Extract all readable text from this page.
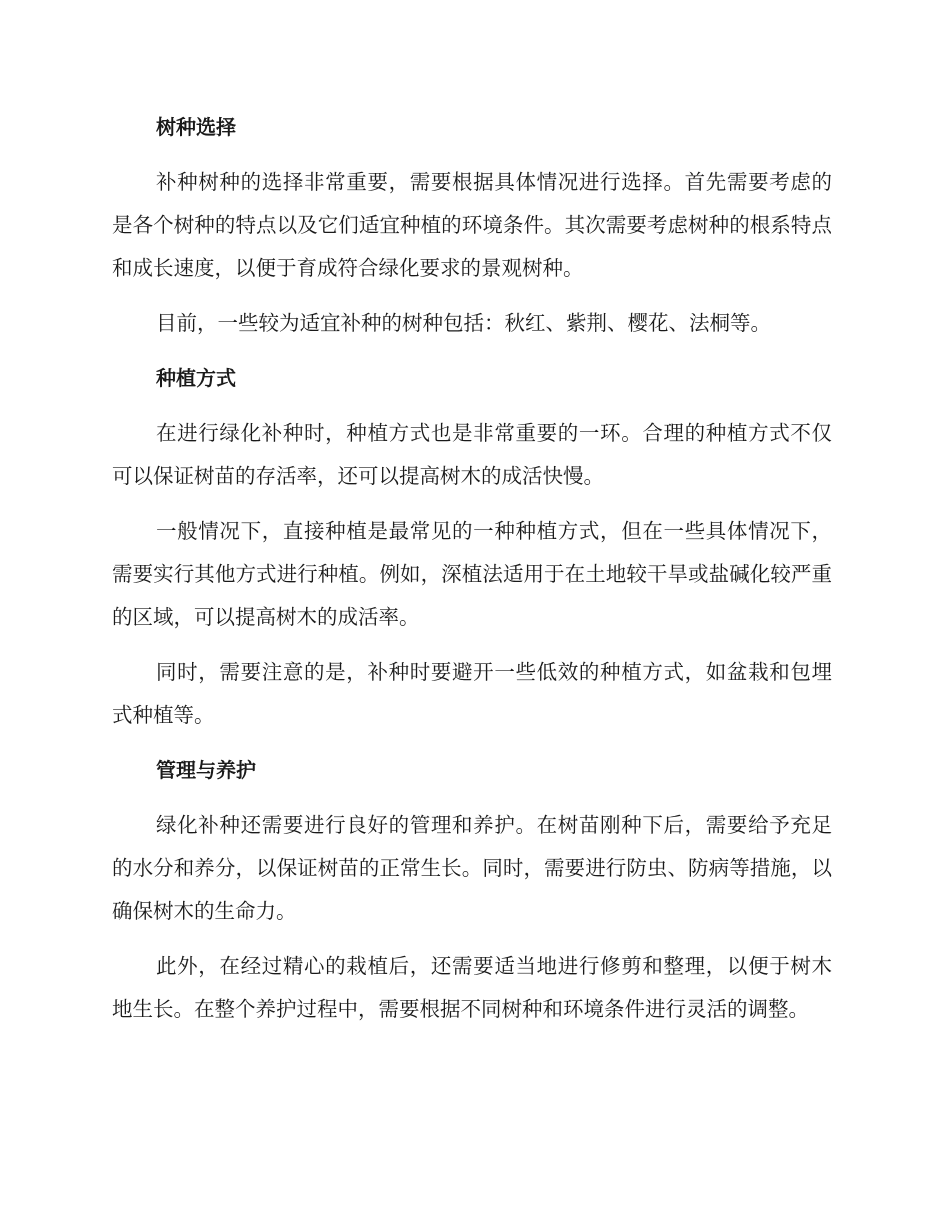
树种选择

补种树种的选择非常重要，需要根据具体情况进行选择。首先需要考虑的是各个树种的特点以及它们适宜种植的环境条件。其次需要考虑树种的根系特点和成长速度，以便于育成符合绿化要求的景观树种。

目前，一些较为适宜补种的树种包括：秋红、紫荆、樱花、法桐等。

种植方式

在进行绿化补种时，种植方式也是非常重要的一环。合理的种植方式不仅可以保证树苗的存活率，还可以提高树木的成活快慢。

一般情况下，直接种植是最常见的一种种植方式，但在一些具体情况下，需要实行其他方式进行种植。例如，深植法适用于在土地较干旱或盐碱化较严重的区域，可以提高树木的成活率。

同时，需要注意的是，补种时要避开一些低效的种植方式，如盆栽和包埋式种植等。

管理与养护

绿化补种还需要进行良好的管理和养护。在树苗刚种下后，需要给予充足的水分和养分，以保证树苗的正常生长。同时，需要进行防虫、防病等措施，以确保树木的生命力。

此外，在经过精心的栽植后，还需要适当地进行修剪和整理，以便于树木地生长。在整个养护过程中，需要根据不同树种和环境条件进行灵活的调整。
